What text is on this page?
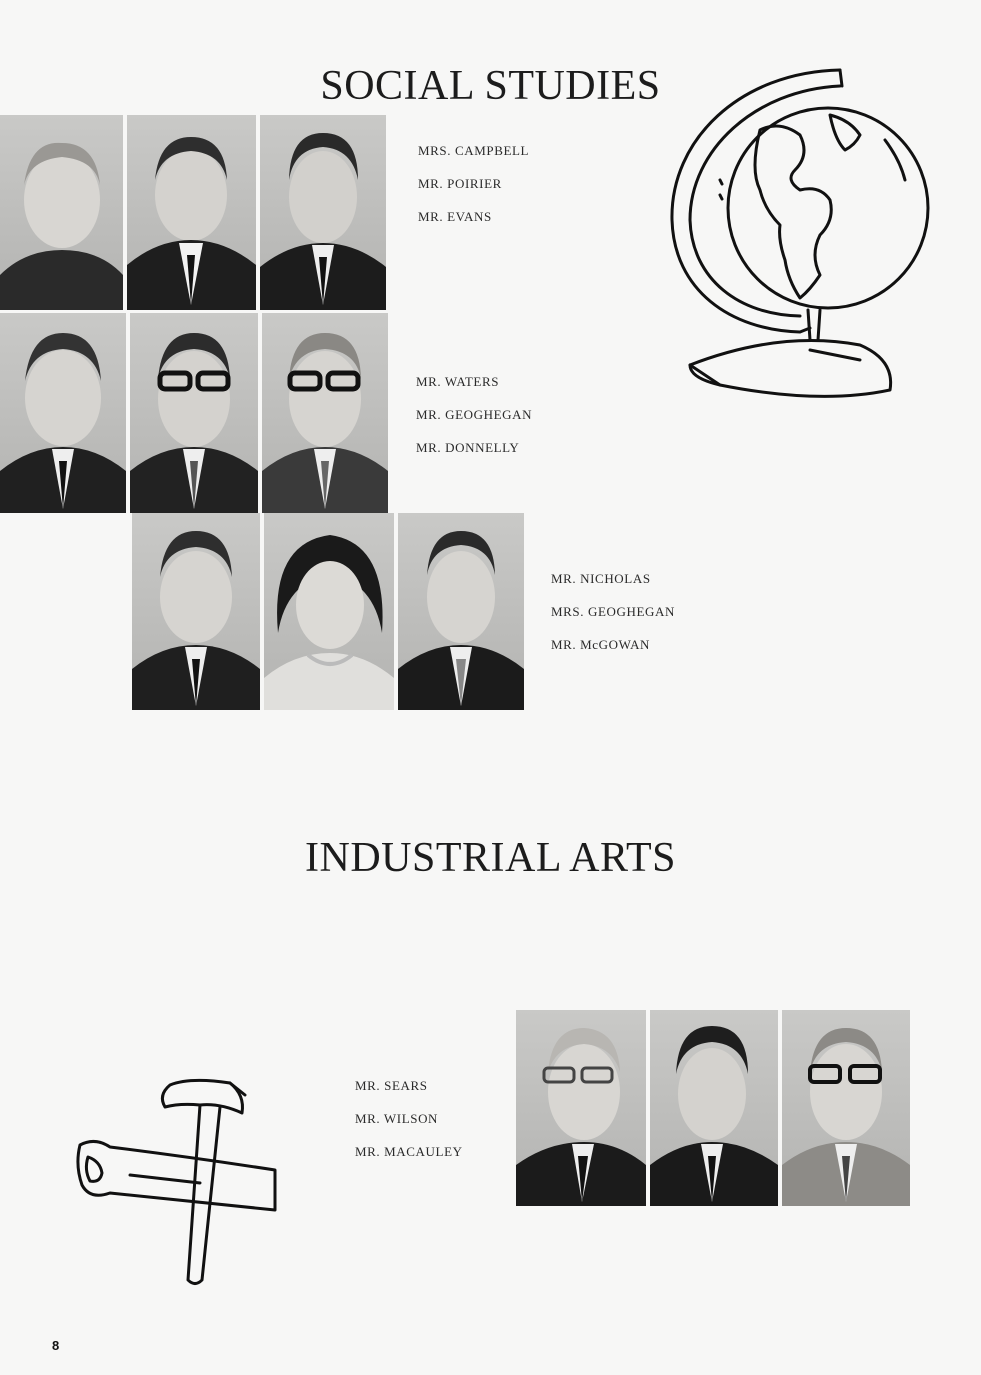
SOCIAL STUDIES
MRS. CAMPBELL
MR. POIRIER
MR. EVANS
MR. WATERS
MR. GEOGHEGAN
MR. DONNELLY
MR. NICHOLAS
MRS. GEOGHEGAN
MR. McGOWAN
INDUSTRIAL ARTS
MR. SEARS
MR. WILSON
MR. MACAULEY
8
